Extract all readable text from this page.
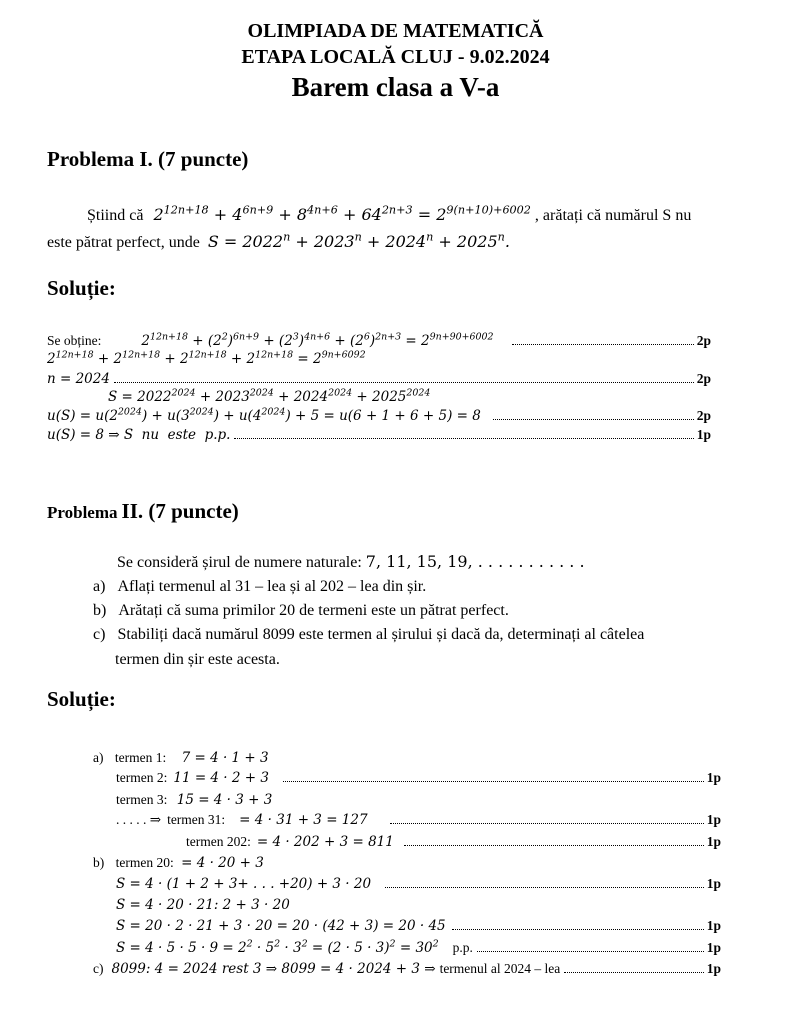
OLIMPIADA DE MATEMATICĂ
ETAPA LOCALĂ CLUJ - 9.02.2024
Barem clasa a V-a
Problema I. (7 puncte)
Știind că $2^{12n+18} + 4^{6n+9} + 8^{4n+6} + 64^{2n+3} = 2^{9(n+10)+6002}$ , arătați că numărul S nu
este pătrat perfect, unde $S = 2022^n + 2023^n + 2024^n + 2025^n$.
Soluție:
Se obține:	$2^{12n+18} + (2^2)^{6n+9} + (2^3)^{4n+6} + (2^6)^{2n+3} = 2^{9n+90+6002}$	2p
$2^{12n+18} + 2^{12n+18} + 2^{12n+18} + 2^{12n+18} = 2^{9n+6092}$
n = 2024	2p
$S = 2022^{2024} + 2023^{2024} + 2024^{2024} + 2025^{2024}$
$u(S) = u(2^{2024}) + u(3^{2024}) + u(4^{2024}) + 5 = u(6 + 1 + 6 + 5) = 8$	2p
u(S) = 8 ⇒ S  nu  este  p.p.	1p
Problema II. (7 puncte)
Se consideră șirul de numere naturale: 7, 11, 15, 19, . . . . . . . . . . .
a) Aflați termenul al 31 – lea și al 202 – lea din șir.
b) Arătați că suma primilor 20 de termeni este un pătrat perfect.
c) Stabiliți dacă numărul 8099 este termen al șirului și dacă da, determinați al câtelea
termen din șir este acesta.
Soluție:
a) termen 1: 7 = 4 · 1 + 3
termen 2: 11 = 4 · 2 + 3	1p
termen 3: 15 = 4 · 3 + 3
. . . . . ⇒ termen 31: = 4 · 31 + 3 = 127	1p
termen 202: = 4 · 202 + 3 = 811	1p
b) termen 20: = 4 · 20 + 3
S = 4 · (1 + 2 + 3+ . . . +20) + 3 · 20	1p
S = 4 · 20 · 21: 2 + 3 · 20
S = 20 · 2 · 21 + 3 · 20 = 20 · (42 + 3) = 20 · 45	1p
$S = 4 \cdot 5 \cdot 5 \cdot 9 = 2^2 \cdot 5^2 \cdot 3^2 = (2 \cdot 5 \cdot 3)^2 = 30^2$ p.p.	1p
c) 8099: 4 = 2024 rest 3 ⇒ 8099 = 4 · 2024 + 3 ⇒ termenul al 2024 – lea	1p
